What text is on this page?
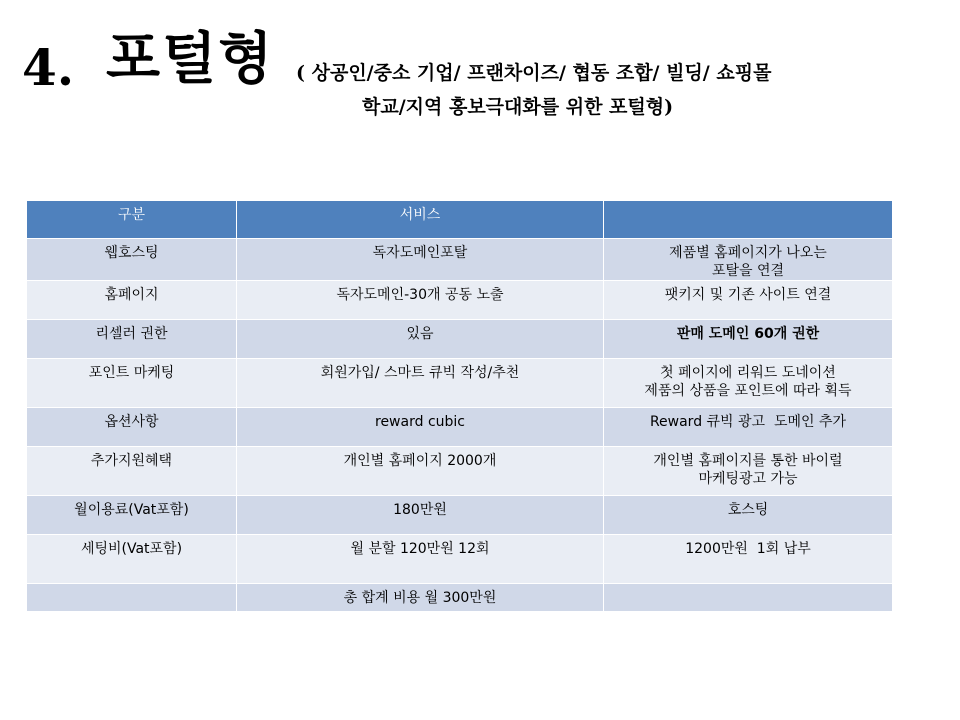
4. 포털형 ( 상공인/중소 기업/ 프랜차이즈/ 협동 조합/ 빌딩/ 쇼핑몰
학교/지역 홍보극대화를 위한 포털형)
구분	서비스	
웹호스팅	독자도메인포탈	제품별 홈페이지가 나오는
포탈을 연결
홈페이지	독자도메인-30개 공동 노출	팻키지 및 기존 사이트 연결
리셀러 권한	있음	판매 도메인 60개 권한
포인트 마케팅	회원가입/ 스마트 큐빅 작성/추천	첫 페이지에 리워드 도네이션
제품의 상품을 포인트에 따라 획득
옵션사항	reward cubic	Reward 큐빅 광고  도메인 추가
추가지원혜택	개인별 홈페이지 2000개	개인별 홈페이지를 통한 바이럴
마케팅광고 가능
월이용료(Vat포함)	180만원	호스팅
세팅비(Vat포함)	월 분할 120만원 12회	1200만원  1회 납부
	총 합계 비용 월 300만원	
